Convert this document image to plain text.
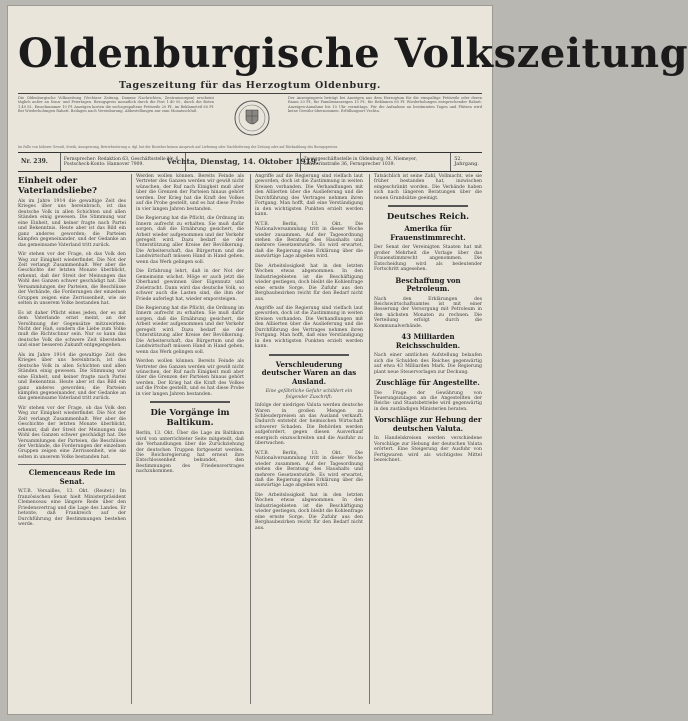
Oldenburgische Volkszeitung
Tageszeitung für das Herzogtum Oldenburg.
Die Oldenburgische Volkszeitung (Vechtaer Zeitung, Damme Nachrichten, Zentrumsorgan) erscheint täglich außer an Sonn- und Feiertagen. Bezugspreis monatlich durch die Post 1.40 M., durch die Boten 1.40 M., Einzelnummer 10 Pf. Anzeigen kosten die sechsgespaltene Petitzeile 20 Pf., im Reklameteil 60 Pf. Bei Wiederholungen Rabatt. Beilagen nach Vereinbarung. Abbestellungen nur zum Monatsschluß.
Der Anzeigenpreis beträgt bei Anzeigen aus dem Herzogtum für die einspaltige Petitzeile oder deren Raum 20 Pf., für Familienanzeigen 15 Pf., für Reklamen 60 Pf. Wiederholungen entsprechender Rabatt. Anzeigen-Annahme bis 10 Uhr vormittags. Für die Aufnahme an bestimmten Tagen und Plätzen wird keine Gewähr übernommen. Erfüllungsort Vechta.
Im Falle von höherer Gewalt, Streik, Aussperrung, Betriebsstörung u. dgl. hat der Bezieher keinen Anspruch auf Lieferung oder Nachlieferung der Zeitung oder auf Rückzahlung des Bezugspreises.
Nr. 239.	Fernsprecher: Redaktion 63, Geschäftsstelle Nr. 6. Postscheck-Konto: Hannover 7909.	Vechta, Dienstag, 14. Oktober 1919.
Zweiggeschäftsstelle in Oldenburg: M. Niemeyer, Schwerinstraße 36, Fernsprecher 1039.
52. Jahrgang.
Einheit oder Vaterlandsliebe?

Als im Jahre 1914 die gewaltige Zeit des Krieges über uns hereinbrach, ist das deutsche Volk in allen Schichten und allen Ständen einig gewesen. Die Stimmung war eine Einheit, und keiner fragte nach Partei und Bekenntnis. Heute aber ist das Bild ein ganz anderes geworden; die Parteien kämpfen gegeneinander, und der Gedanke an das gemeinsame Vaterland tritt zurück.

Wir stehen vor der Frage, ob das Volk den Weg zur Einigkeit wiederfindet. Die Not der Zeit verlangt Zusammenhalt. Wer aber die Geschichte der letzten Monate überblickt, erkennt, daß der Streit der Meinungen das Wohl des Ganzen schwer geschädigt hat. Die Versammlungen der Parteien, die Beschlüsse der Verbände, die Forderungen der einzelnen Gruppen zeigen eine Zerrissenheit, wie sie selten in unserem Volke bestanden hat.

Es ist daher Pflicht eines jeden, der es mit dem Vaterlande ernst meint, an der Versöhnung der Gegensätze mitzuwirken. Nicht der Haß, sondern die Liebe zum Volke muß die Richtschnur sein. Nur so kann das deutsche Volk die schwere Zeit überstehen und einer besseren Zukunft entgegengehen.

Als im Jahre 1914 die gewaltige Zeit des Krieges über uns hereinbrach, ist das deutsche Volk in allen Schichten und allen Ständen einig gewesen. Die Stimmung war eine Einheit, und keiner fragte nach Partei und Bekenntnis. Heute aber ist das Bild ein ganz anderes geworden; die Parteien kämpfen gegeneinander, und der Gedanke an das gemeinsame Vaterland tritt zurück.

Wir stehen vor der Frage, ob das Volk den Weg zur Einigkeit wiederfindet. Die Not der Zeit verlangt Zusammenhalt. Wer aber die Geschichte der letzten Monate überblickt, erkennt, daß der Streit der Meinungen das Wohl des Ganzen schwer geschädigt hat. Die Versammlungen der Parteien, die Beschlüsse der Verbände, die Forderungen der einzelnen Gruppen zeigen eine Zerrissenheit, wie sie selten in unserem Volke bestanden hat.

Clemenceaus Rede im Senat.

W.T.B. Versailles, 13. Okt. (Reuter.) Im französischen Senat hielt Ministerpräsident Clemenceau eine längere Rede über den Friedensvertrag und die Lage des Landes. Er betonte, daß Frankreich auf der Durchführung der Bestimmungen bestehen werde.

Werden wollen können. Bereits Feinde als Vertreter des Ganzen werden wir gewiß nicht wünschen, der Ruf nach Einigkeit muß aber über die Grenzen der Parteien hinaus gehört werden. Der Krieg hat die Kraft des Volkes auf die Probe gestellt, und es hat diese Probe in vier langen Jahren bestanden.

Die Regierung hat die Pflicht, die Ordnung im Innern aufrecht zu erhalten. Sie muß dafür sorgen, daß die Ernährung gesichert, die Arbeit wieder aufgenommen und der Verkehr geregelt wird. Dazu bedarf sie der Unterstützung aller Kreise der Bevölkerung. Die Arbeiterschaft, das Bürgertum und die Landwirtschaft müssen Hand in Hand gehen, wenn das Werk gelingen soll.

Die Erfahrung lehrt, daß in der Not der Gemeinsinn wächst. Möge er auch jetzt die Oberhand gewinnen über Eigennutz und Zwietracht. Dann wird das deutsche Volk, so schwer auch die Lasten sind, die ihm der Friede auferlegt hat, wieder emporsteigen.

Die Regierung hat die Pflicht, die Ordnung im Innern aufrecht zu erhalten. Sie muß dafür sorgen, daß die Ernährung gesichert, die Arbeit wieder aufgenommen und der Verkehr geregelt wird. Dazu bedarf sie der Unterstützung aller Kreise der Bevölkerung. Die Arbeiterschaft, das Bürgertum und die Landwirtschaft müssen Hand in Hand gehen, wenn das Werk gelingen soll.

Werden wollen können. Bereits Feinde als Vertreter des Ganzen werden wir gewiß nicht wünschen, der Ruf nach Einigkeit muß aber über die Grenzen der Parteien hinaus gehört werden. Der Krieg hat die Kraft des Volkes auf die Probe gestellt, und es hat diese Probe in vier langen Jahren bestanden.

Die Vorgänge im Baltikum.

Berlin, 13. Okt. Über die Lage im Baltikum wird von unterrichteter Seite mitgeteilt, daß die Verhandlungen über die Zurückziehung der deutschen Truppen fortgesetzt werden. Die Reichsregierung hat erneut ihre Entschlossenheit bekundet, den Bestimmungen des Friedensvertrages nachzukommen.

Angriffe auf die Regierung sind vielfach laut geworden, doch ist die Zustimmung in weiten Kreisen vorhanden. Die Verhandlungen mit den Alliierten über die Auslieferung und die Durchführung des Vertrages nehmen ihren Fortgang. Man hofft, daß eine Verständigung in den wichtigsten Punkten erzielt werden kann.

W.T.B. Berlin, 13. Okt. Die Nationalversammlung tritt in dieser Woche wieder zusammen. Auf der Tagesordnung stehen die Beratung des Haushalts und mehrere Gesetzentwürfe. Es wird erwartet, daß die Regierung eine Erklärung über die auswärtige Lage abgeben wird.

Die Arbeitslosigkeit hat in den letzten Wochen etwas abgenommen. In den Industriegebieten ist die Beschäftigung wieder gestiegen, doch bleibt die Kohlenfrage eine ernste Sorge. Die Zufuhr aus den Bergbaubezirken reicht für den Bedarf nicht aus.

Angriffe auf die Regierung sind vielfach laut geworden, doch ist die Zustimmung in weiten Kreisen vorhanden. Die Verhandlungen mit den Alliierten über die Auslieferung und die Durchführung des Vertrages nehmen ihren Fortgang. Man hofft, daß eine Verständigung in den wichtigsten Punkten erzielt werden kann.

Verschleuderung deutscher Waren an das Ausland.
Eine gefährliche Gefahr schildert ein folgender Zuschrift:

Infolge der niedrigen Valuta werden deutsche Waren in großen Mengen zu Schleuderpreisen an das Ausland verkauft. Dadurch entsteht der heimischen Wirtschaft schwerer Schaden. Die Behörden werden aufgefordert, gegen diesen Ausverkauf energisch einzuschreiten und die Ausfuhr zu überwachen.

W.T.B. Berlin, 13. Okt. Die Nationalversammlung tritt in dieser Woche wieder zusammen. Auf der Tagesordnung stehen die Beratung des Haushalts und mehrere Gesetzentwürfe. Es wird erwartet, daß die Regierung eine Erklärung über die auswärtige Lage abgeben wird.

Die Arbeitslosigkeit hat in den letzten Wochen etwas abgenommen. In den Industriegebieten ist die Beschäftigung wieder gestiegen, doch bleibt die Kohlenfrage eine ernste Sorge. Die Zufuhr aus den Bergbaubezirken reicht für den Bedarf nicht aus.

Tatsächlich ist seine Zahl, Vollmacht, wie sie früher bestanden hat, inzwischen eingeschränkt worden. Die Verbände haben sich nach längeren Beratungen über die neuen Grundsätze geeinigt.

Deutsches Reich.
Amerika für Frauenstimmrecht.

Der Senat der Vereinigten Staaten hat mit großer Mehrheit die Vorlage über das Frauenstimmrecht angenommen. Die Entscheidung wird als bedeutender Fortschritt angesehen.

Beschaffung von Petroleum.

Nach den Erklärungen des Reichswirtschaftsamtes ist mit einer Besserung der Versorgung mit Petroleum in den nächsten Monaten zu rechnen. Die Verteilung erfolgt durch die Kommunalverbände.

43 Milliarden Reichsschulden.

Nach einer amtlichen Aufstellung belaufen sich die Schulden des Reiches gegenwärtig auf etwa 43 Milliarden Mark. Die Regierung plant neue Steuervorlagen zur Deckung.

Zuschläge für Angestellte.

Die Frage der Gewährung von Teuerungszulagen an die Angestellten der Reichs- und Staatsbetriebe wird gegenwärtig in den zuständigen Ministerien beraten.

Vorschläge zur Hebung der deutschen Valuta.

In Handelskreisen werden verschiedene Vorschläge zur Hebung der deutschen Valuta erörtert. Eine Steigerung der Ausfuhr von Fertigwaren wird als wichtigstes Mittel bezeichnet.
